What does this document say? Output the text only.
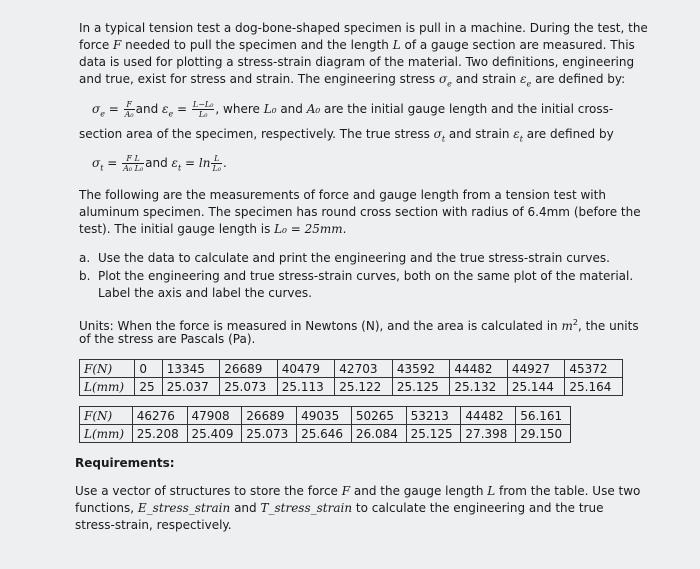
In a typical tension test a dog-bone-shaped specimen is pull in a machine. During the test, the
force F needed to pull the specimen and the length L of a gauge section are measured. This
data is used for plotting a stress-strain diagram of the material. Two definitions, engineering
and true, exist for stress and strain. The engineering stress $\sigma_e$ and strain $\varepsilon_e$ are defined by:
$\sigma_e = \frac{F}{\text{A₀}}$ and $\varepsilon_e = \frac{\text{L−L₀}}{\text{L₀}}$ , where L₀ and A₀ are the initial gauge length and the initial cross-
section area of the specimen, respectively. The true stress $\sigma_t$ and strain $\varepsilon_t$ are defined by
$\sigma_t = \frac{\text{F L}}{\text{A₀ L₀}}$ and $\varepsilon_t = \ln \frac{L}{\text{L₀}}$ .
The following are the measurements of force and gauge length from a tension test with
aluminum specimen. The specimen has round cross section with radius of 6.4mm (before the
test). The initial gauge length is L₀ = 25mm.
a. Use the data to calculate and print the engineering and the true stress-strain curves.
b. Plot the engineering and true stress-strain curves, both on the same plot of the material.
Label the axis and label the curves.
Units: When the force is measured in Newtons (N), and the area is calculated in $m^2$, the units
of the stress are Pascals (Pa).
F(N)	0	13345	26689	40479	42703	43592	44482	44927	45372
L(mm)	25	25.037	25.073	25.113	25.122	25.125	25.132	25.144	25.164
F(N)	46276	47908	26689	49035	50265	53213	44482	56.161
L(mm)	25.208	25.409	25.073	25.646	26.084	25.125	27.398	29.150
Requirements:
Use a vector of structures to store the force F and the gauge length L from the table. Use two
functions, E_stress_strain and T_stress_strain to calculate the engineering and the true
stress-strain, respectively.
